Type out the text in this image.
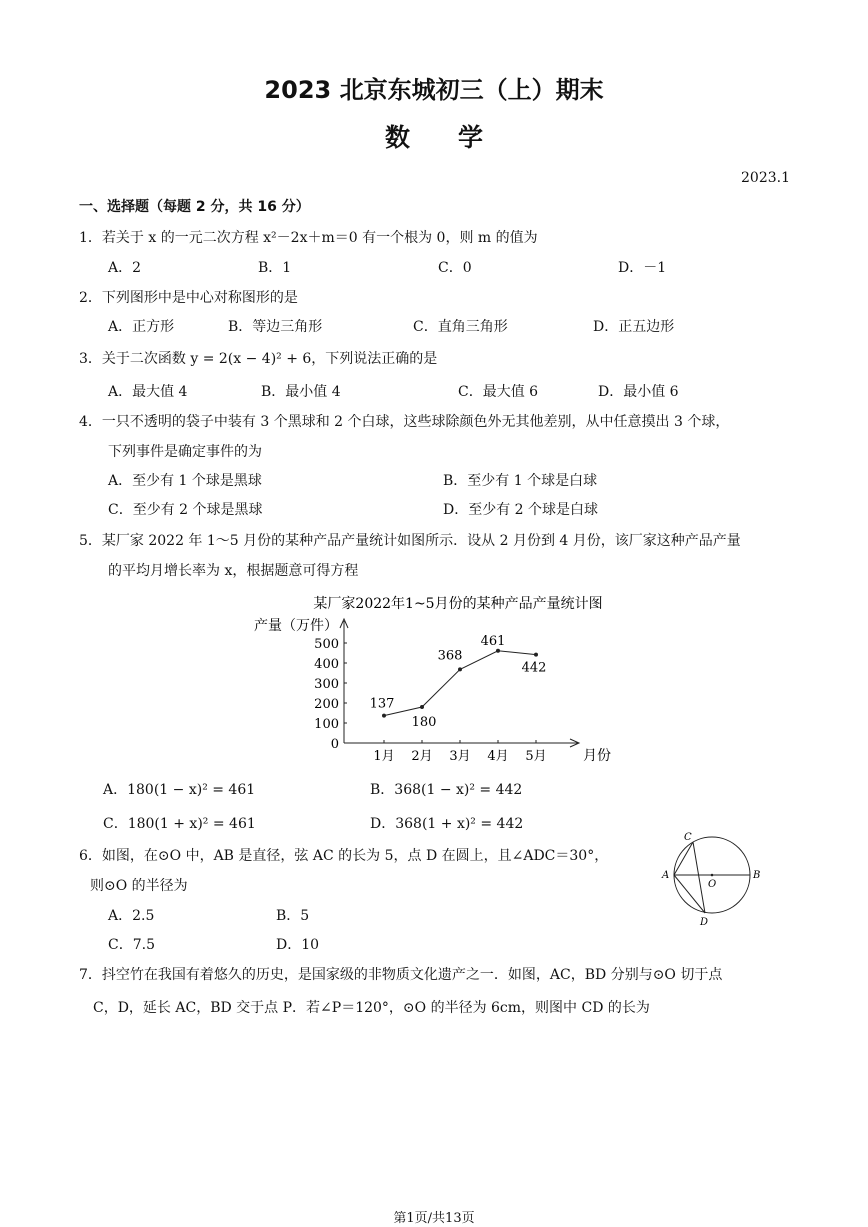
2023 北京东城初三（上）期末
数学
2023.1
一、选择题（每题 2 分，共 16 分）
1．若关于 x 的一元二次方程 x²－2x＋m＝0 有一个根为 0，则 m 的值为
A．2	B．1	C．0	D．－1
2．下列图形中是中心对称图形的是
A．正方形	B．等边三角形	C．直角三角形	D．正五边形
3．关于二次函数 y = 2(x − 4)² + 6，下列说法正确的是
A．最大值 4	B．最小值 4	C．最大值 6	D．最小值 6
4．一只不透明的袋子中装有 3 个黑球和 2 个白球，这些球除颜色外无其他差别，从中任意摸出 3 个球，
下列事件是确定事件的为
A．至少有 1 个球是黑球	B．至少有 1 个球是白球
C．至少有 2 个球是黑球	D．至少有 2 个球是白球
5．某厂家 2022 年 1～5 月份的某种产品产量统计如图所示．设从 2 月份到 4 月份，该厂家这种产品产量
的平均月增长率为 x，根据题意可得方程
某厂家2022年1~5月份的某种产品产量统计图
产量（万件）
0
100
200
300
400
500
1月 2月 3月 4月 5月
137
180
368
461
442
月份
A．180(1 − x)² = 461	B．368(1 − x)² = 442
C．180(1 + x)² = 461	D．368(1 + x)² = 442
6．如图，在⊙O 中，AB 是直径，弦 AC 的长为 5，点 D 在圆上，且∠ADC＝30°，
则⊙O 的半径为
A．2.5	B．5
C．7.5	D．10
C
A
O
B
D
7．抖空竹在我国有着悠久的历史，是国家级的非物质文化遗产之一．如图，AC，BD 分别与⊙O 切于点
C，D，延长 AC，BD 交于点 P．若∠P＝120°，⊙O 的半径为 6cm，则图中 CD 的长为
第1页/共13页
